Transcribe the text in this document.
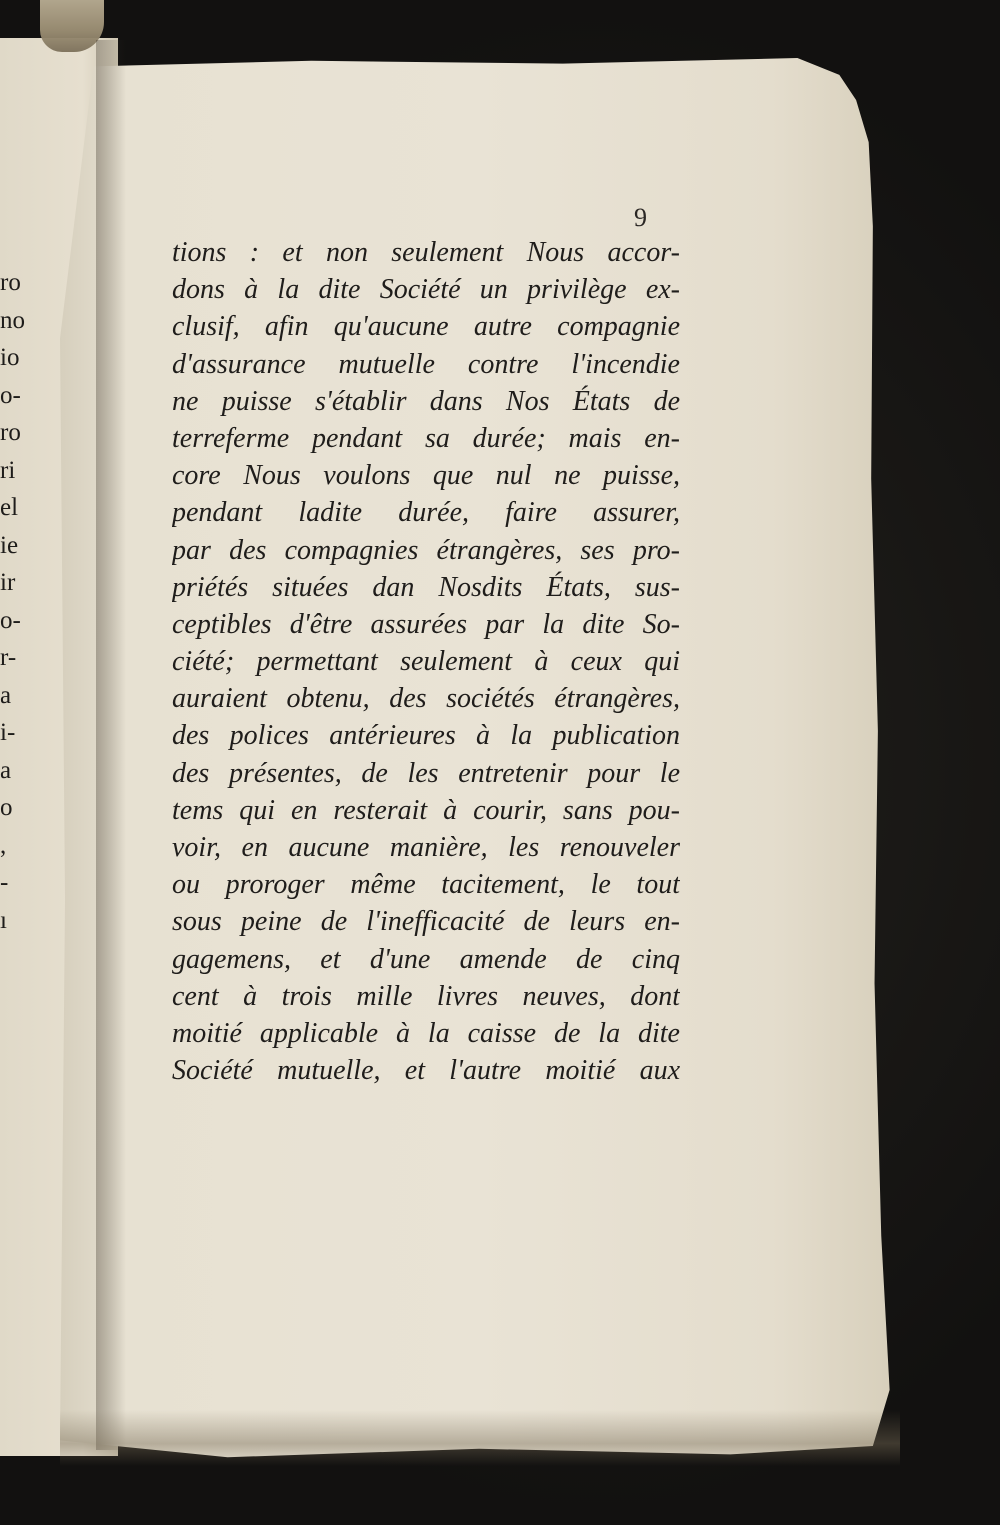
ro
no
io
o-
ro
ri
el
ie
ir
o-
r-
a
i-
a
o
,
-
ı
9
tions : et non seulement Nous accor-
dons à la dite Société un privilège ex-
clusif, afin qu'aucune autre compagnie
d'assurance mutuelle contre l'incendie
ne puisse s'établir dans Nos États de
terreferme pendant sa durée; mais en-
core Nous voulons que nul ne puisse,
pendant ladite durée, faire assurer,
par des compagnies étrangères, ses pro-
priétés situées dan Nosdits États, sus-
ceptibles d'être assurées par la dite So-
ciété; permettant seulement à ceux qui
auraient obtenu, des sociétés étrangères,
des polices antérieures à la publication
des présentes, de les entretenir pour le
tems qui en resterait à courir, sans pou-
voir, en aucune manière, les renouveler
ou proroger même tacitement, le tout
sous peine de l'inefficacité de leurs en-
gagemens, et d'une amende de cinq
cent à trois mille livres neuves, dont
moitié applicable à la caisse de la dite
Société mutuelle, et l'autre moitié aux
